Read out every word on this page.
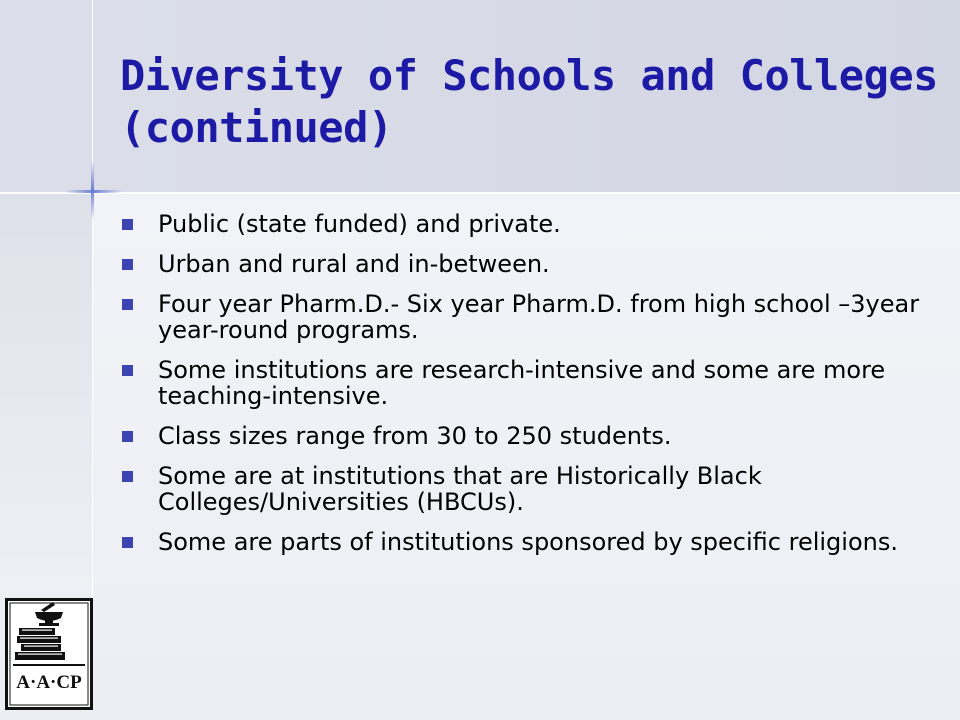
Diversity of Schools and Colleges (continued)
Public (state funded) and private.
Urban and rural and in-between.
Four year Pharm.D.- Six year Pharm.D. from high school –3year year-round programs.
Some institutions are research-intensive and some are more teaching-intensive.
Class sizes range from 30 to 250 students.
Some are at institutions that are Historically Black Colleges/Universities (HBCUs).
Some are parts of institutions sponsored by specific religions.
A·A·CP
